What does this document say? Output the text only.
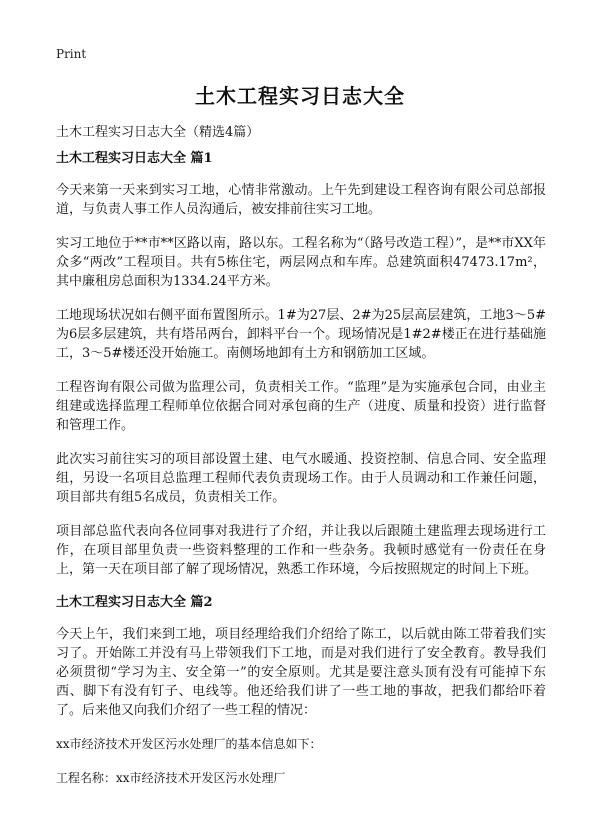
Print
土木工程实习日志大全

土木工程实习日志大全（精选4篇）

土木工程实习日志大全 篇1

今天来第一天来到实习工地，心情非常激动。上午先到建设工程咨询有限公司总部报道，与负责人事工作人员沟通后，被安排前往实习工地。

实习工地位于**市**区路以南，路以东。工程名称为“（路号改造工程）”，是**市XX年众多“两改”工程项目。共有5栋住宅，两层网点和车库。总建筑面积47473.17m²，其中廉租房总面积为1334.24平方米。

工地现场状况如右侧平面布置图所示。1#为27层、2#为25层高层建筑，工地3～5#为6层多层建筑，共有塔吊两台，卸料平台一个。现场情况是1#2#楼正在进行基础施工，3～5#楼还没开始施工。南侧场地卸有土方和钢筋加工区域。

工程咨询有限公司做为监理公司，负责相关工作。“监理”是为实施承包合同，由业主组建或选择监理工程师单位依据合同对承包商的生产（进度、质量和投资）进行监督和管理工作。

此次实习前往实习的项目部设置土建、电气水暖通、投资控制、信息合同、安全监理组，另设一名项目总监理工程师代表负责现场工作。由于人员调动和工作兼任问题，项目部共有组5名成员，负责相关工作。

项目部总监代表向各位同事对我进行了介绍，并让我以后跟随土建监理去现场进行工作，在项目部里负责一些资料整理的工作和一些杂务。我顿时感觉有一份责任在身上，第一天在项目部了解了现场情况，熟悉工作环境，今后按照规定的时间上下班。

土木工程实习日志大全 篇2

今天上午，我们来到工地，项目经理给我们介绍给了陈工，以后就由陈工带着我们实习了。开始陈工并没有马上带领我们下工地，而是对我们进行了安全教育。教导我们必须贯彻“学习为主、安全第一”的安全原则。尤其是要注意头顶有没有可能掉下东西、脚下有没有钉子、电线等。他还给我们讲了一些工地的事故，把我们都给吓着了。后来他又向我们介绍了一些工程的情况：

xx市经济技术开发区污水处理厂的基本信息如下：

工程名称：xx市经济技术开发区污水处理厂
